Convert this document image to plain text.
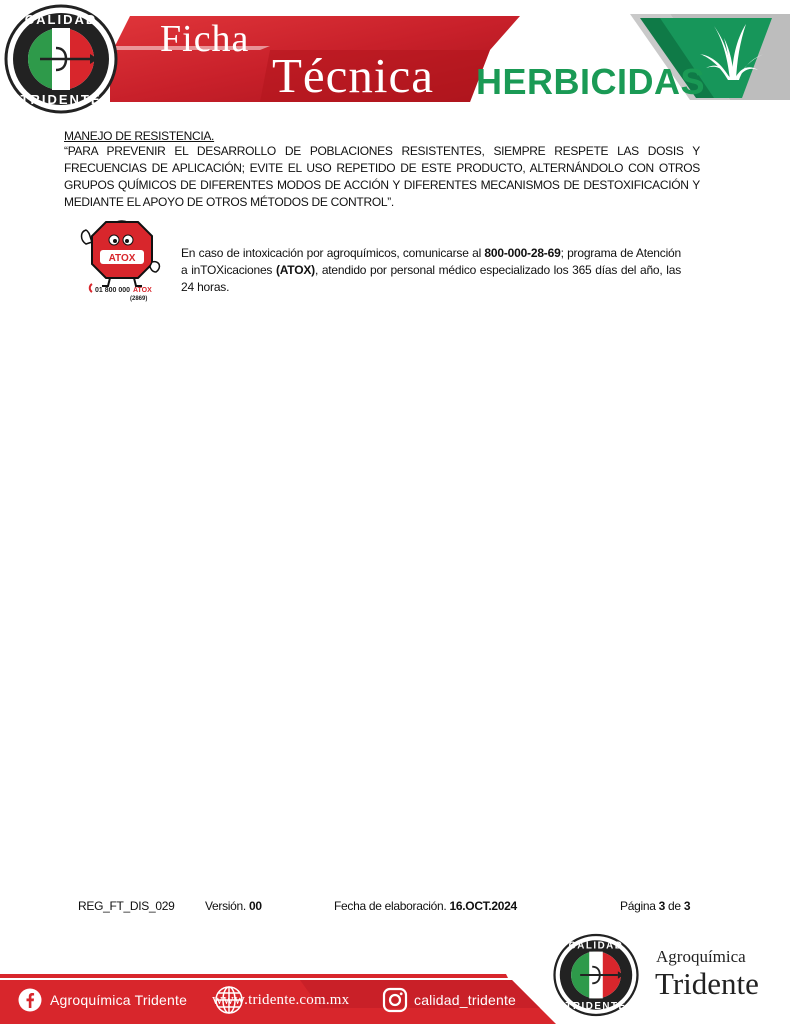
CALIDAD
TRIDENTE
Ficha
Técnica HERBICIDAS
MANEJO DE RESISTENCIA.
“PARA PREVENIR EL DESARROLLO DE POBLACIONES RESISTENTES, SIEMPRE RESPETE LAS DOSIS Y FRECUENCIAS DE APLICACIÓN; EVITE EL USO REPETIDO DE ESTE PRODUCTO, ALTERNÁNDOLO CON OTROS GRUPOS QUÍMICOS DE DIFERENTES MODOS DE ACCIÓN Y DIFERENTES MECANISMOS DE DESTOXIFICACIÓN Y MEDIANTE EL APOYO DE OTROS MÉTODOS DE CONTROL”.
ATOX
01 800 000 ATOX
(2869)
En caso de intoxicación por agroquímicos, comunicarse al 800-000-28-69; programa de Atención a inTOXicaciones (ATOX), atendido por personal médico especializado los 365 días del año, las 24 horas.
REG_FT_DIS_029	Versión. 00	Fecha de elaboración. 16.OCT.2024	Página 3 de 3
Agroquímica Tridente www.tridente.com.mx	calidad_tridente
CALIDAD
TRIDENTE
Agroquímica
Tridente
